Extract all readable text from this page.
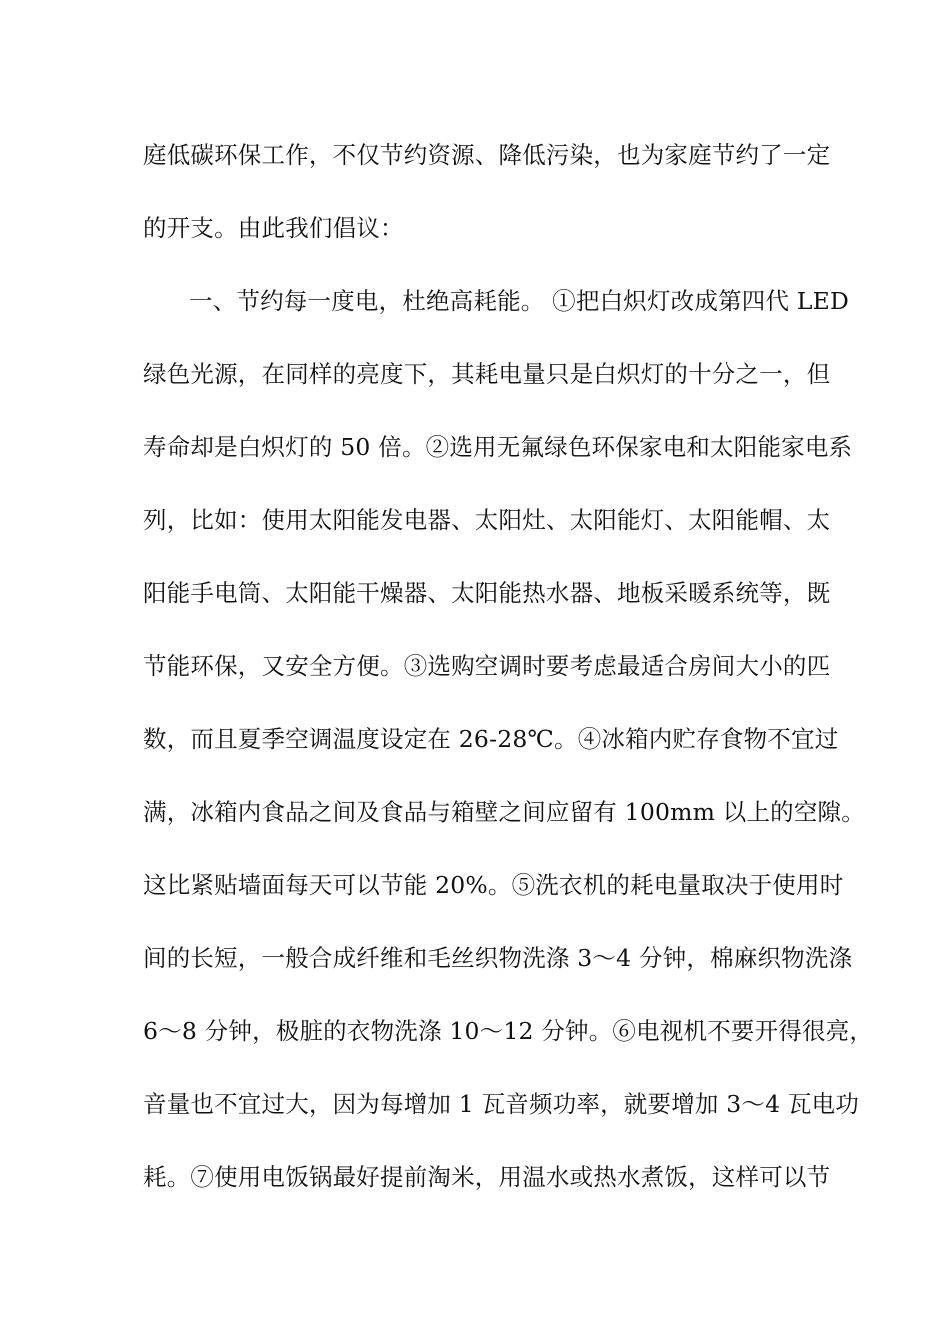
庭低碳环保工作，不仅节约资源、降低污染，也为家庭节约了一定
的开支。由此我们倡议：
一、节约每一度电，杜绝高耗能。 ①把白炽灯改成第四代 LED
绿色光源，在同样的亮度下，其耗电量只是白炽灯的十分之一，但
寿命却是白炽灯的 50 倍。②选用无氟绿色环保家电和太阳能家电系
列，比如：使用太阳能发电器、太阳灶、太阳能灯、太阳能帽、太
阳能手电筒、太阳能干燥器、太阳能热水器、地板采暖系统等，既
节能环保，又安全方便。③选购空调时要考虑最适合房间大小的匹
数，而且夏季空调温度设定在 26-28℃。④冰箱内贮存食物不宜过
满，冰箱内食品之间及食品与箱壁之间应留有 100mm 以上的空隙。
这比紧贴墙面每天可以节能 20%。⑤洗衣机的耗电量取决于使用时
间的长短，一般合成纤维和毛丝织物洗涤 3～4 分钟，棉麻织物洗涤
6～8 分钟，极脏的衣物洗涤 10～12 分钟。⑥电视机不要开得很亮，
音量也不宜过大，因为每增加 1 瓦音频功率，就要增加 3～4 瓦电功
耗。⑦使用电饭锅最好提前淘米，用温水或热水煮饭，这样可以节
